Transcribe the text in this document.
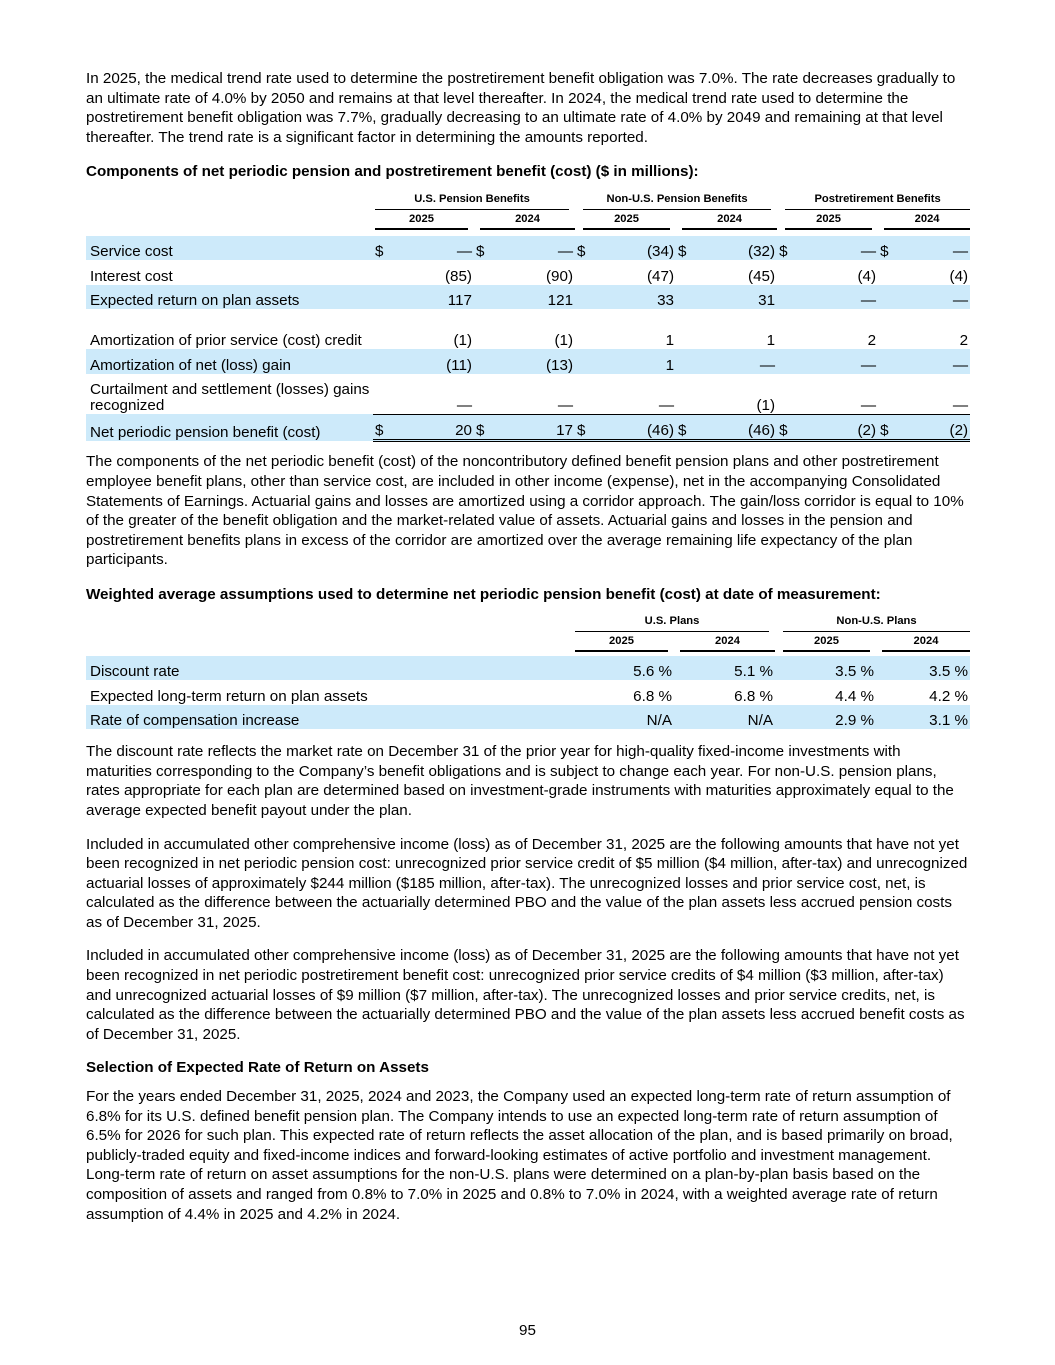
In 2025, the medical trend rate used to determine the postretirement benefit obligation was 7.0%. The rate decreases gradually to an ultimate rate of 4.0% by 2050 and remains at that level thereafter. In 2024, the medical trend rate used to determine the postretirement benefit obligation was 7.7%, gradually decreasing to an ultimate rate of 4.0% by 2049 and remaining at that level thereafter. The trend rate is a significant factor in determining the amounts reported.

Components of net periodic pension and postretirement benefit (cost) ($ in millions):

	U.S. Pension Benefits				Non-U.S. Pension Benefits				Postretirement Benefits			

	2025		2024		2025		2024		2025		2024	

Service cost	$	—	$	—	$	(34)	$	(32)	$	—	$	—
Interest cost		(85)		(90)		(47)		(45)		(4)		(4)
Expected return on plan assets		117		121		33		31		—		—
Amortization of prior service (cost) credit		(1)		(1)		1		1		2		2
Amortization of net (loss) gain		(11)		(13)		1		—		—		—
Curtailment and settlement (losses) gains recognized		—		—		—		(1)		—		—
Net periodic pension benefit (cost)	$	20	$	17	$	(46)	$	(46)	$	(2)	$	(2)

The components of the net periodic benefit (cost) of the noncontributory defined benefit pension plans and other postretirement employee benefit plans, other than service cost, are included in other income (expense), net in the accompanying Consolidated Statements of Earnings. Actuarial gains and losses are amortized using a corridor approach. The gain/loss corridor is equal to 10% of the greater of the benefit obligation and the market-related value of assets. Actuarial gains and losses in the pension and postretirement benefits plans in excess of the corridor are amortized over the average remaining life expectancy of the plan participants.

Weighted average assumptions used to determine net periodic pension benefit (cost) at date of measurement:

	U.S. Plans		Non-U.S. Plans	

	2025	2024	2025	2024

Discount rate	5.6 %	5.1 %	3.5 %	3.5 %
Expected long-term return on plan assets	6.8 %	6.8 %	4.4 %	4.2 %
Rate of compensation increase	N/A	N/A	2.9 %	3.1 %

The discount rate reflects the market rate on December 31 of the prior year for high-quality fixed-income investments with maturities corresponding to the Company’s benefit obligations and is subject to change each year. For non-U.S. pension plans, rates appropriate for each plan are determined based on investment-grade instruments with maturities approximately equal to the average expected benefit payout under the plan.

Included in accumulated other comprehensive income (loss) as of December 31, 2025 are the following amounts that have not yet been recognized in net periodic pension cost: unrecognized prior service credit of $5 million ($4 million, after-tax) and unrecognized actuarial losses of approximately $244 million ($185 million, after-tax). The unrecognized losses and prior service cost, net, is calculated as the difference between the actuarially determined PBO and the value of the plan assets less accrued pension costs as of December 31, 2025.

Included in accumulated other comprehensive income (loss) as of December 31, 2025 are the following amounts that have not yet been recognized in net periodic postretirement benefit cost: unrecognized prior service credits of $4 million ($3 million, after-tax) and unrecognized actuarial losses of $9 million ($7 million, after-tax). The unrecognized losses and prior service credits, net, is calculated as the difference between the actuarially determined PBO and the value of the plan assets less accrued benefit costs as of December 31, 2025.

Selection of Expected Rate of Return on Assets

For the years ended December 31, 2025, 2024 and 2023, the Company used an expected long-term rate of return assumption of 6.8% for its U.S. defined benefit pension plan. The Company intends to use an expected long-term rate of return assumption of 6.5% for 2026 for such plan. This expected rate of return reflects the asset allocation of the plan, and is based primarily on broad, publicly-traded equity and fixed-income indices and forward-looking estimates of active portfolio and investment management. Long-term rate of return on asset assumptions for the non-U.S. plans were determined on a plan-by-plan basis based on the composition of assets and ranged from 0.8% to 7.0% in 2025 and 0.8% to 7.0% in 2024, with a weighted average rate of return assumption of 4.4% in 2025 and 4.2% in 2024.

95
